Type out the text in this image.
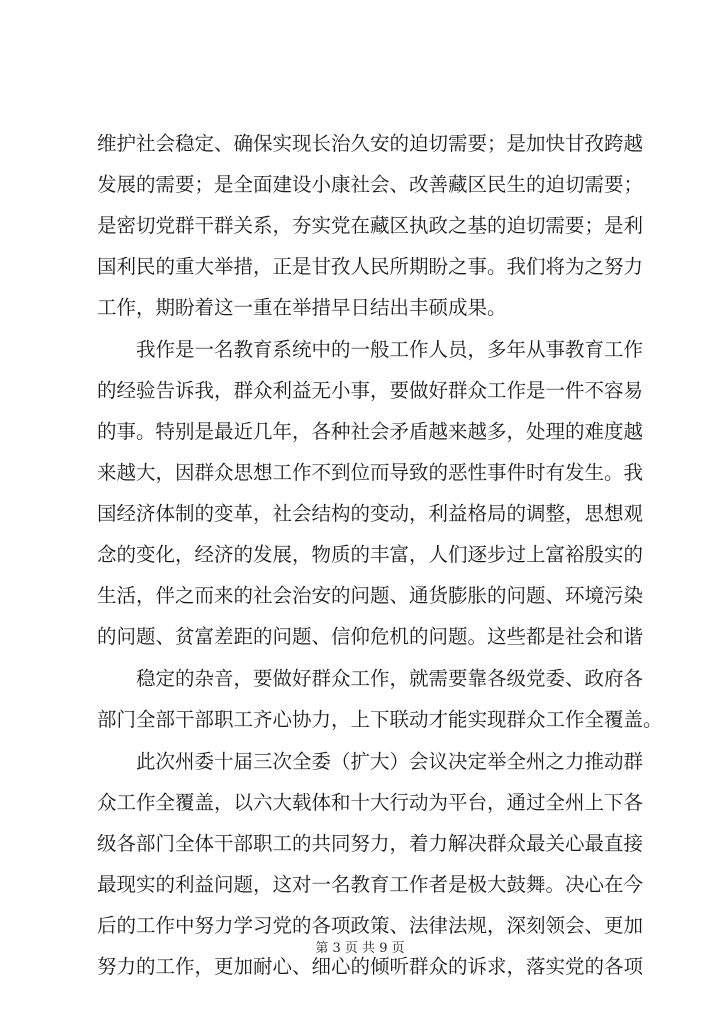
维护社会稳定、确保实现长治久安的迫切需要；是加快甘孜跨越
发展的需要；是全面建设小康社会、改善藏区民生的迫切需要；
是密切党群干群关系，夯实党在藏区执政之基的迫切需要；是利
国利民的重大举措，正是甘孜人民所期盼之事。我们将为之努力
工作，期盼着这一重在举措早日结出丰硕成果。
我作是一名教育系统中的一般工作人员，多年从事教育工作
的经验告诉我，群众利益无小事，要做好群众工作是一件不容易
的事。特别是最近几年，各种社会矛盾越来越多，处理的难度越
来越大，因群众思想工作不到位而导致的恶性事件时有发生。我
国经济体制的变革，社会结构的变动，利益格局的调整，思想观
念的变化，经济的发展，物质的丰富，人们逐步过上富裕殷实的
生活，伴之而来的社会治安的问题、通货膨胀的问题、环境污染
的问题、贫富差距的问题、信仰危机的问题。这些都是社会和谐
稳定的杂音，要做好群众工作，就需要靠各级党委、政府各
部门全部干部职工齐心协力，上下联动才能实现群众工作全覆盖。
此次州委十届三次全委（扩大）会议决定举全州之力推动群
众工作全覆盖，以六大载体和十大行动为平台，通过全州上下各
级各部门全体干部职工的共同努力，着力解决群众最关心最直接
最现实的利益问题，这对一名教育工作者是极大鼓舞。决心在今
后的工作中努力学习党的各项政策、法律法规，深刻领会、更加
努力的工作，更加耐心、细心的倾听群众的诉求，落实党的各项
第 3 页 共 9 页
